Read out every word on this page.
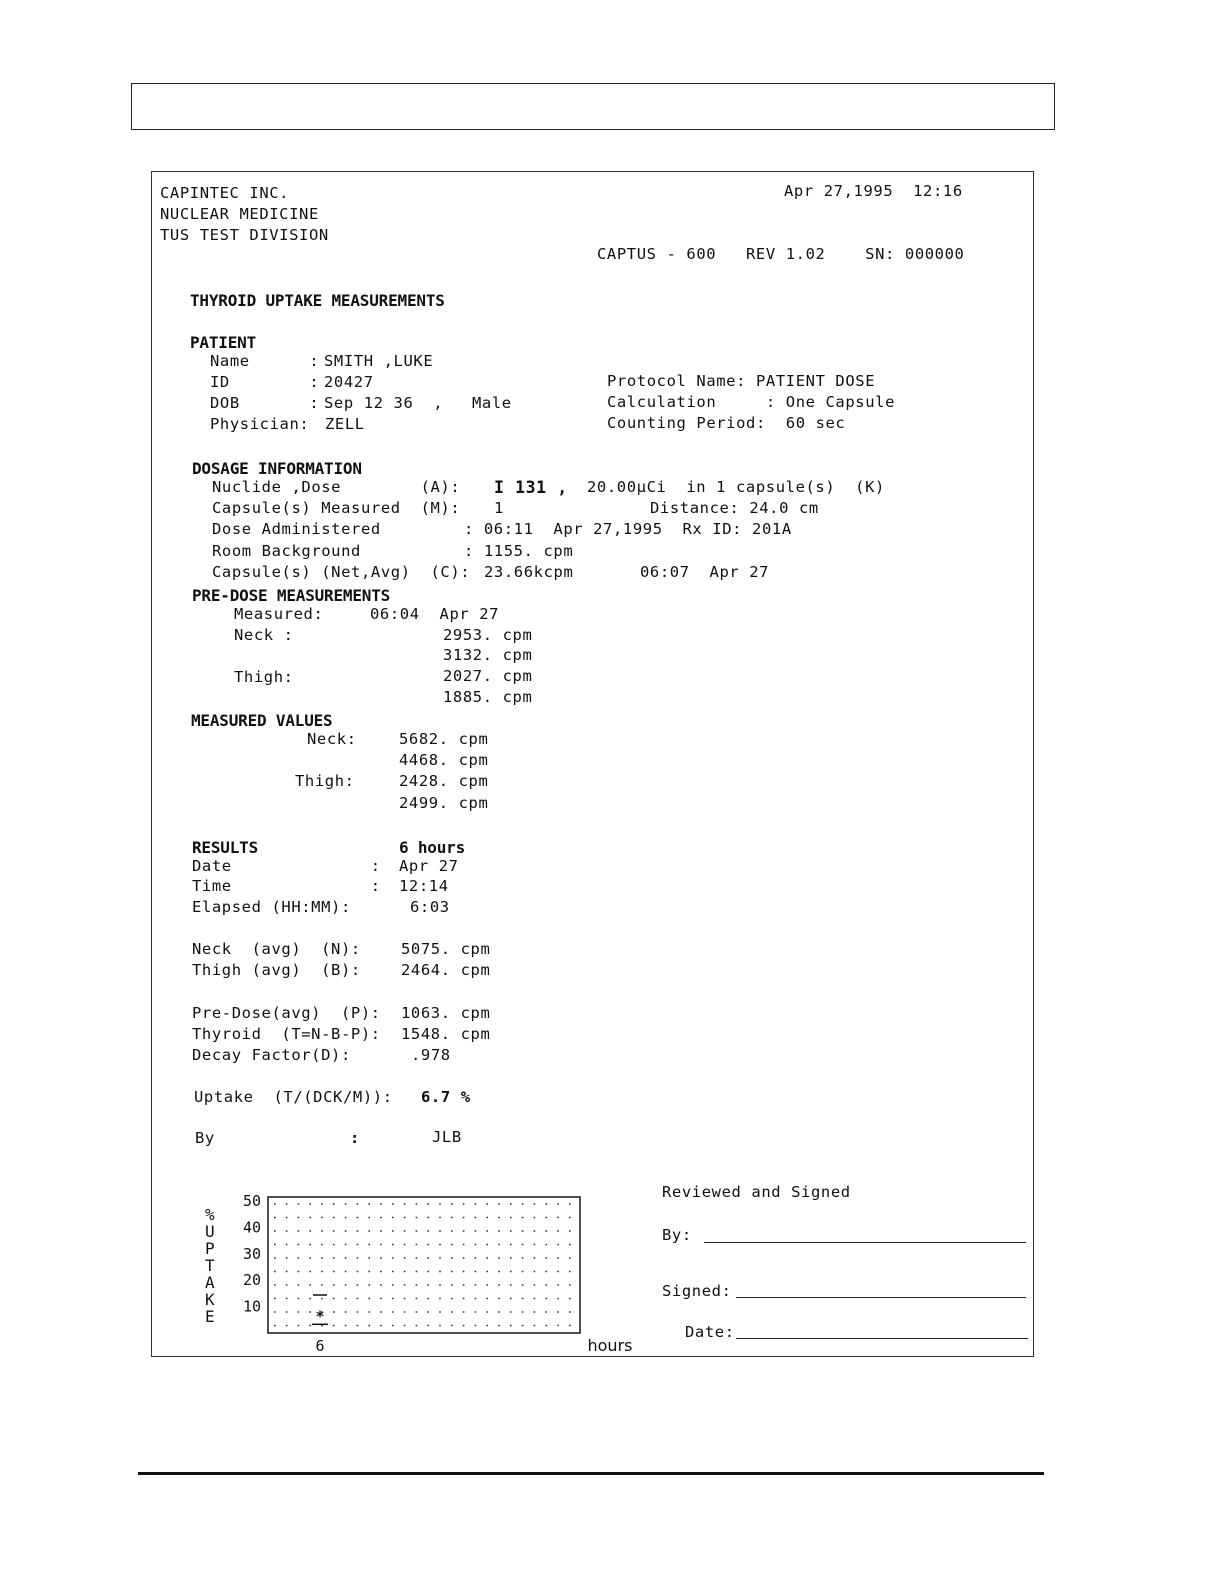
CAPINTEC INC.
NUCLEAR MEDICINE
TUS TEST DIVISION
Apr 27,1995  12:16
CAPTUS - 600   REV 1.02    SN: 000000
THYROID UPTAKE MEASUREMENTS
PATIENT
Name      : SMITH ,LUKE
ID        : 20427
DOB       : Sep 12 36  , Male
Physician: ZELL
Protocol Name: PATIENT DOSE
Calculation     : One Capsule
Counting Period:  60 sec
DOSAGE INFORMATION
Nuclide ,Dose        (A): I 131 , 20.00µCi  in 1 capsule(s)  (K)
Capsule(s) Measured  (M): 1	Distance: 24.0 cm
Dose Administered	: 06:11  Apr 27,1995  Rx ID: 201A
Room Background	: 1155. cpm
Capsule(s) (Net,Avg)  (C): 23.66kcpm	06:07  Apr 27
PRE-DOSE MEASUREMENTS
Measured:	06:04  Apr 27
Neck :	2953. cpm
3132. cpm
Thigh:	2027. cpm
1885. cpm
MEASURED VALUES
Neck:	5682. cpm
4468. cpm
Thigh:	2428. cpm
2499. cpm
RESULTS	6 hours
Date              : Apr 27
Time              : 12:14
Elapsed (HH:MM):	6:03
Neck  (avg)  (N):	5075. cpm
Thigh (avg)  (B):	2464. cpm
Pre-Dose(avg)  (P): 1063. cpm
Thyroid  (T=N-B-P): 1548. cpm
Decay Factor(D):	.978
Uptake  (T/(DCK/M)): 6.7 %
By	:	JLB
Reviewed and Signed
By:
Signed:
Date:
%
U
P
T
A
K
E
50
40
30
20
10
*
6	hours
